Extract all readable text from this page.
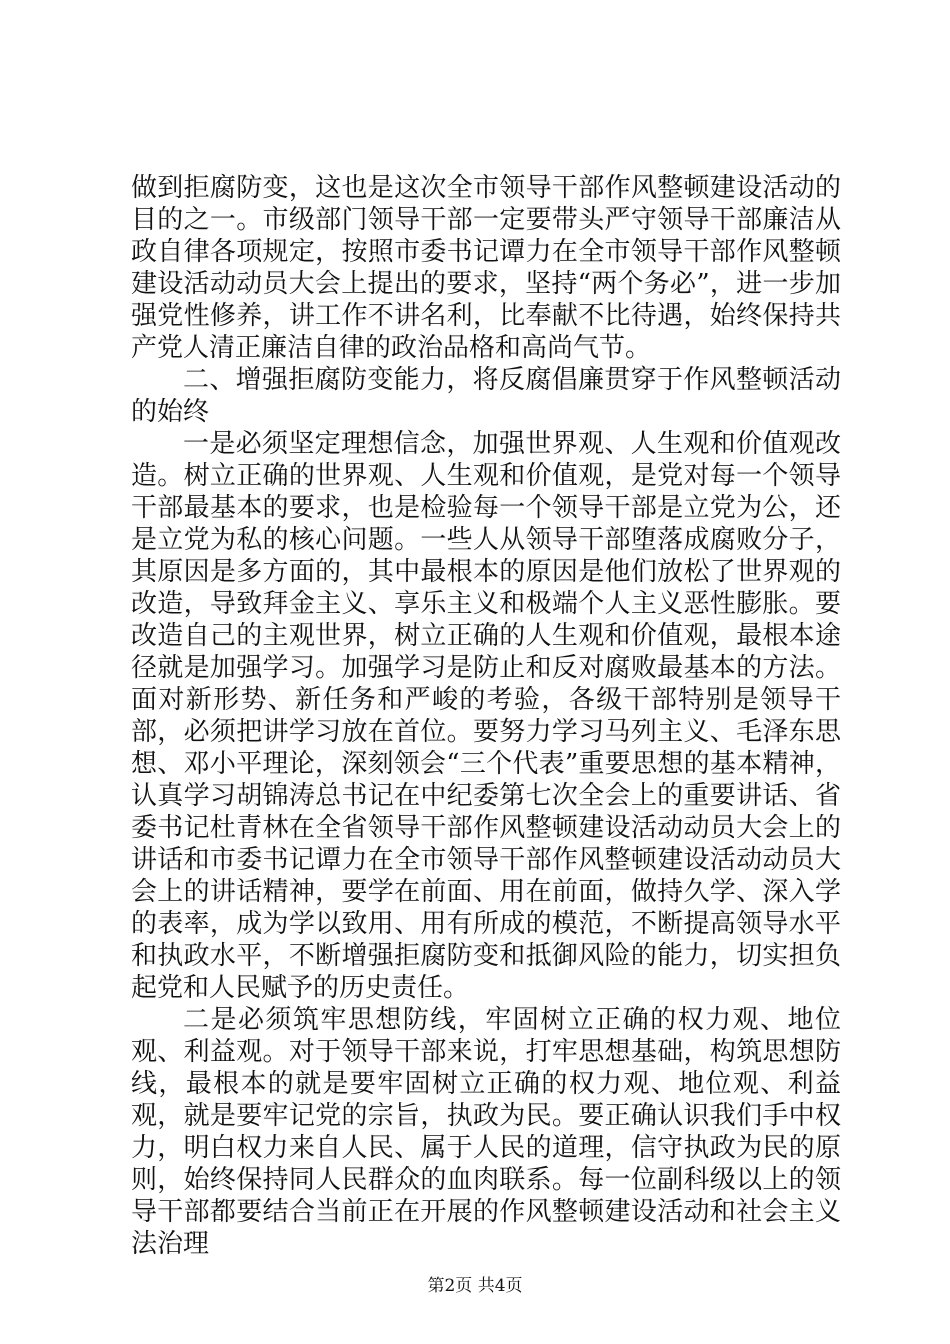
做到拒腐防变，这也是这次全市领导干部作风整顿建设活动的目的之一。市级部门领导干部一定要带头严守领导干部廉洁从政自律各项规定，按照市委书记谭力在全市领导干部作风整顿建设活动动员大会上提出的要求，坚持“两个务必”，进一步加强党性修养，讲工作不讲名利，比奉献不比待遇，始终保持共产党人清正廉洁自律的政治品格和高尚气节。

二、增强拒腐防变能力，将反腐倡廉贯穿于作风整顿活动的始终

一是必须坚定理想信念，加强世界观、人生观和价值观改造。树立正确的世界观、人生观和价值观，是党对每一个领导干部最基本的要求，也是检验每一个领导干部是立党为公，还是立党为私的核心问题。一些人从领导干部堕落成腐败分子，其原因是多方面的，其中最根本的原因是他们放松了世界观的改造，导致拜金主义、享乐主义和极端个人主义恶性膨胀。要改造自己的主观世界，树立正确的人生观和价值观，最根本途径就是加强学习。加强学习是防止和反对腐败最基本的方法。面对新形势、新任务和严峻的考验，各级干部特别是领导干部，必须把讲学习放在首位。要努力学习马列主义、毛泽东思想、邓小平理论，深刻领会“三个代表”重要思想的基本精神，认真学习胡锦涛总书记在中纪委第七次全会上的重要讲话、省委书记杜青林在全省领导干部作风整顿建设活动动员大会上的讲话和市委书记谭力在全市领导干部作风整顿建设活动动员大会上的讲话精神，要学在前面、用在前面，做持久学、深入学的表率，成为学以致用、用有所成的模范，不断提高领导水平和执政水平，不断增强拒腐防变和抵御风险的能力，切实担负起党和人民赋予的历史责任。

二是必须筑牢思想防线，牢固树立正确的权力观、地位观、利益观。对于领导干部来说，打牢思想基础，构筑思想防线，最根本的就是要牢固树立正确的权力观、地位观、利益观，就是要牢记党的宗旨，执政为民。要正确认识我们手中权力，明白权力来自人民、属于人民的道理，信守执政为民的原则，始终保持同人民群众的血肉联系。每一位副科级以上的领导干部都要结合当前正在开展的作风整顿建设活动和社会主义法治理

第2页 共4页
